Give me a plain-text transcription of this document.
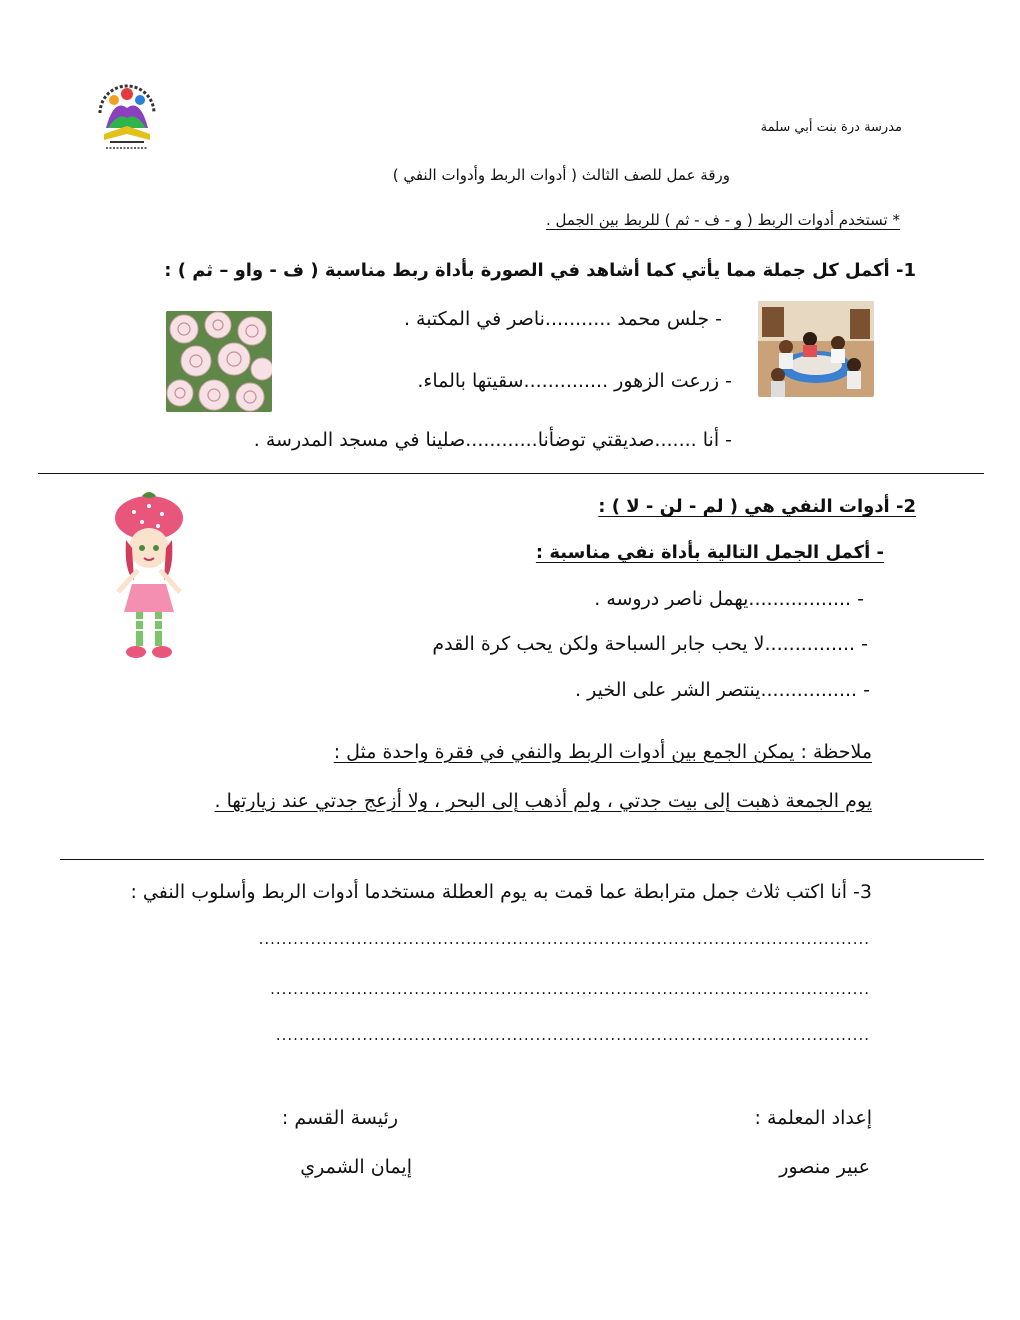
مدرسة درة بنت أبي سلمة
ورقة عمل للصف الثالث ( أدوات الربط وأدوات النفي )
* تستخدم أدوات الربط ( و - ف - ثم ) للربط بين الجمل .
1- أكمل كل جملة مما يأتي كما أشاهد في الصورة بأداة ربط مناسبة ( ف - واو – ثم ) :
- جلس محمد ...........ناصر في المكتبة .
- زرعت الزهور ..............سقيتها بالماء.
- أنا .......صديقتي توضأنا............صلينا في مسجد المدرسة .
2- أدوات النفي هي ( لم - لن - لا ) :
- أكمل الجمل التالية بأداة نفي مناسبة :
- .................يهمل ناصر دروسه .
- ...............لا يحب جابر السباحة ولكن يحب كرة القدم
- ................ينتصر الشر على الخير .
ملاحظة : يمكن الجمع بين أدوات الربط والنفي في فقرة واحدة مثل :
يوم الجمعة ذهبت إلى بيت جدتي ، ولم أذهب إلى البحر ، ولا أزعج جدتي عند زيارتها .
3- أنا اكتب ثلاث جمل مترابطة عما قمت به يوم العطلة مستخدما أدوات الربط وأسلوب النفي :
..........................................................................................................
........................................................................................................
.......................................................................................................
إعداد المعلمة :
عبير منصور
رئيسة القسم :
إيمان الشمري
